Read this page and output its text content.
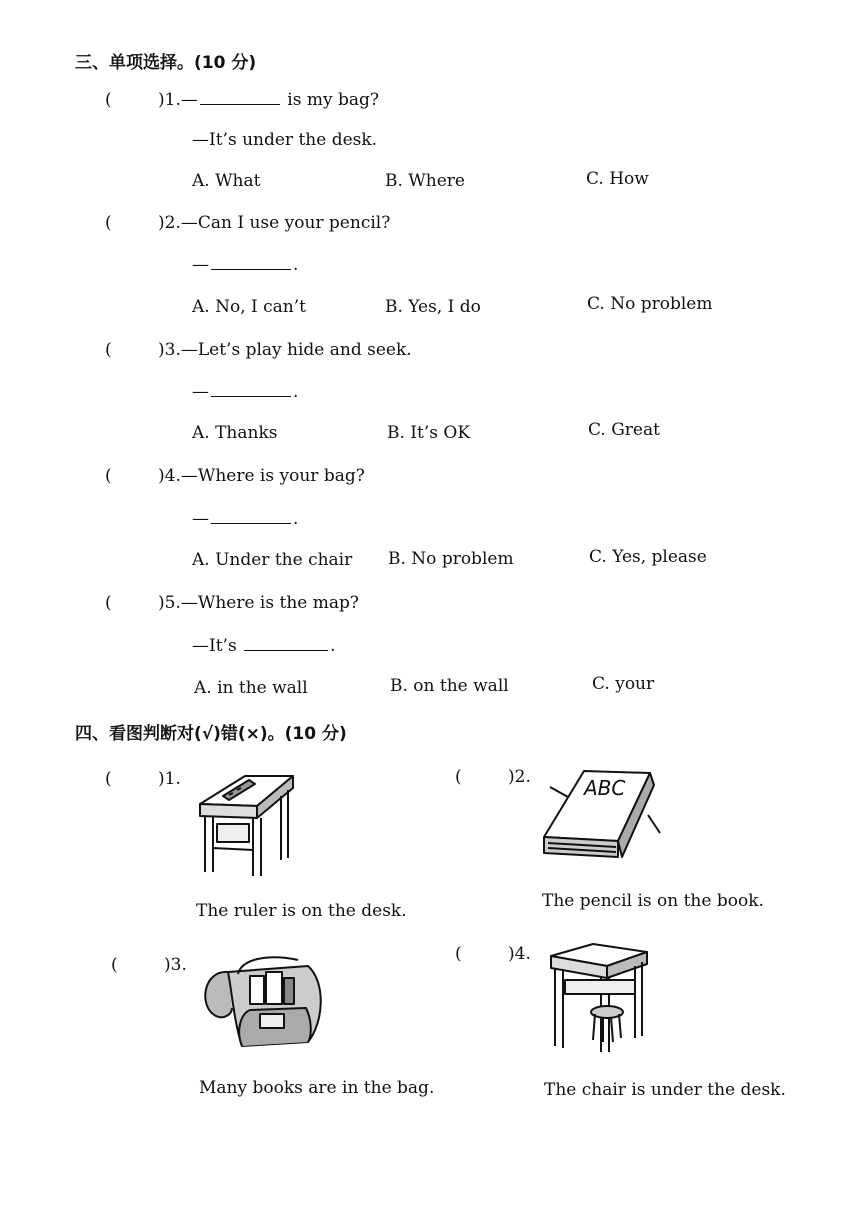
三、单项选择。(10 分)
(	)1.—	is my bag?
—It’s under the desk.
A. What	B. Where	C. How
(	)2.—Can I use your pencil?
—	.
A. No, I can’t	B. Yes, I do	C. No problem
(	)3.—Let’s play hide and seek.
—	.
A. Thanks	B. It’s OK	C. Great
(	)4.—Where is your bag?
—	.
A. Under the chair B. No problem	C. Yes, please
(	)5.—Where is the map?
—It’s	.
A. in the wall	B. on the wall	C. your
四、看图判断对(√)错(×)。(10 分)
(	)1.
The ruler is on the desk.
(	)2.	ABC
The pencil is on the book.
(	)3.
Many books are in the bag.
(	)4.
The chair is under the desk.
